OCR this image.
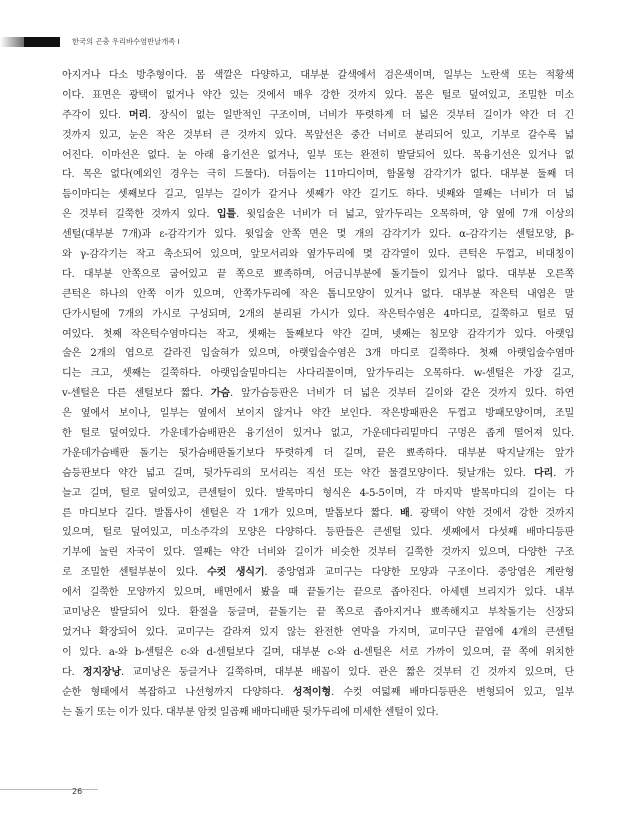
한국의 곤충 우리바수염반날개족 I
아지거나 다소 방추형이다. 몸 색깔은 다양하고, 대부분 갈색에서 검은색이며, 일부는 노란색 또는 적황색
이다. 표면은 광택이 없거나 약간 있는 것에서 매우 강한 것까지 있다. 몸은 털로 덮여있고, 조밀한 미소
주각이 있다. 머리. 장식이 없는 일반적인 구조이며, 너비가 뚜렷하게 더 넓은 것부터 길이가 약간 더 긴
것까지 있고, 눈은 작은 것부터 큰 것까지 있다. 목앞선은 중간 너비로 분리되어 있고, 기부로 갈수록 넓
어진다. 이마선은 없다. 눈 아래 융기선은 없거나, 일부 또는 완전히 발달되어 있다. 목융기선은 있거나 없
다. 목은 없다(예외인 경우는 극히 드물다). 더듬이는 11마디이며, 함몰형 감각기가 없다. 대부분 둘째 더
듬이마디는 셋째보다 길고, 일부는 길이가 같거나 셋째가 약간 길기도 하다. 넷째와 열째는 너비가 더 넓
은 것부터 길쭉한 것까지 있다. 입틀. 윗입술은 너비가 더 넓고, 앞가두리는 오목하며, 양 옆에 7개 이상의
센털(대부분 7개)과 ε-감각기가 있다. 윗입술 안쪽 면은 몇 개의 감각기가 있다. α-감각기는 센털모양, β-
와 γ-감각기는 작고 축소되어 있으며, 앞모서리와 옆가두리에 몇 감각열이 있다. 큰턱은 두껍고, 비대칭이
다. 대부분 안쪽으로 굽어있고 끝 쪽으로 뾰족하며, 어금니부분에 돌기들이 있거나 없다. 대부분 오른쪽
큰턱은 하나의 안쪽 이가 있으며, 안쪽가두리에 작은 톱니모양이 있거나 없다. 대부분 작은턱 내엽은 말
단가시털에 7개의 가시로 구성되며, 2개의 분리된 가시가 있다. 작은턱수염은 4마디로, 길쭉하고 털로 덮
여있다. 첫째 작은턱수염마디는 작고, 셋째는 둘째보다 약간 길며, 넷째는 침모양 감각기가 있다. 아랫입
술은 2개의 엽으로 갈라진 입술혀가 있으며, 아랫입술수염은 3개 마디로 길쭉하다. 첫째 아랫입술수염마
디는 크고, 셋째는 길쭉하다. 아랫입술밑마디는 사다리꼴이며, 앞가두리는 오목하다. w-센털은 가장 길고,
v-센털은 다른 센털보다 짧다. 가슴. 앞가슴등판은 너비가 더 넓은 것부터 길이와 같은 것까지 있다. 하연
은 옆에서 보이나, 일부는 옆에서 보이지 않거나 약간 보인다. 작은방패판은 두껍고 방패모양이며, 조밀
한 털로 덮여있다. 가운데가슴배판은 융기선이 있거나 없고, 가운데다리밑마디 구멍은 좁게 떨어져 있다.
가운데가슴배판 돌기는 뒷가슴배판돌기보다 뚜렷하게 더 길며, 끝은 뾰족하다. 대부분 딱지날개는 앞가
슴등판보다 약간 넓고 길며, 뒷가두리의 모서리는 직선 또는 약간 물결모양이다. 뒷날개는 있다. 다리. 가
늘고 길며, 털로 덮여있고, 큰센털이 있다. 발목마디 형식은 4-5-5이며, 각 마지막 발목마디의 길이는 다
른 마디보다 길다. 발톱사이 센털은 각 1개가 있으며, 발톱보다 짧다. 배. 광택이 약한 것에서 강한 것까지
있으며, 털로 덮여있고, 미소주각의 모양은 다양하다. 등판들은 큰센털 있다. 셋째에서 다섯째 배마디등판
기부에 눌린 자국이 있다. 열째는 약간 너비와 길이가 비슷한 것부터 길쭉한 것까지 있으며, 다양한 구조
로 조밀한 센털부분이 있다. 수컷 생식기. 중앙엽과 교미구는 다양한 모양과 구조이다. 중앙엽은 계란형
에서 길쭉한 모양까지 있으며, 배면에서 봤을 때 끝돌기는 끝으로 좁아진다. 아세텐 브리지가 있다. 내부
교미낭은 발달되어 있다. 환절을 둥글며, 끝돌기는 끝 쪽으로 좁아지거나 뾰족해지고 부착돌기는 신장되
었거나 확장되어 있다. 교미구는 갈라져 있지 않는 완전한 연막을 가지며, 교미구단 끝엽에 4개의 큰센털
이 있다. a-와 b-센털은 c-와 d-센털보다 길며, 대부분 c-와 d-센털은 서로 가까이 있으며, 끝 쪽에 위치한
다. 정지장낭. 교미낭은 둥글거나 길쭉하며, 대부분 배꼽이 있다. 관은 짧은 것부터 긴 것까지 있으며, 단
순한 형태에서 복잡하고 나선형까지 다양하다. 성적이형. 수컷 여덟째 배마디등판은 변형되어 있고, 일부
는 돌기 또는 이가 있다. 대부분 암컷 일곱째 배마디배판 뒷가두리에 미세한 센털이 있다.
26
